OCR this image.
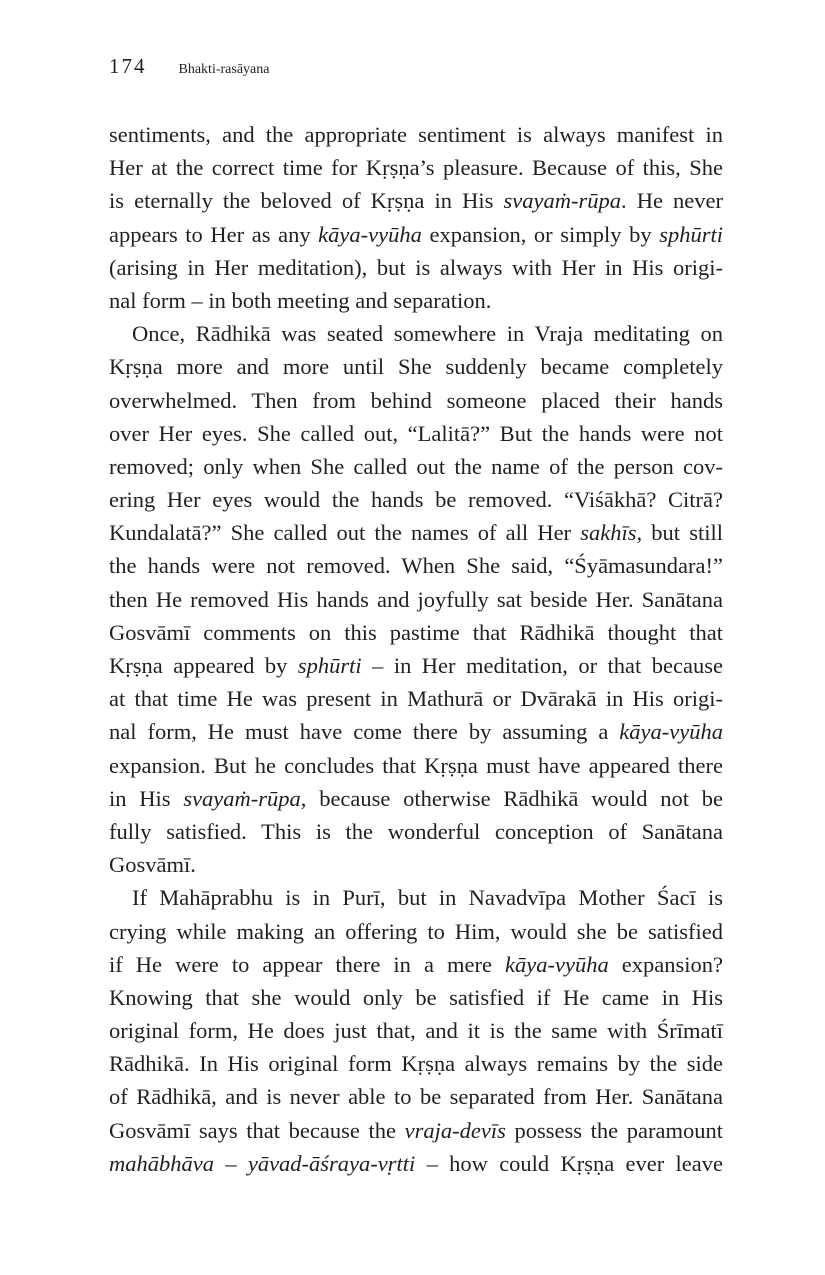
174 Bhakti-rasāyana
sentiments, and the appropriate sentiment is always manifest in
Her at the correct time for Kṛṣṇa’s pleasure. Because of this, She
is eternally the beloved of Kṛṣṇa in His svayaṁ-rūpa. He never
appears to Her as any kāya-vyūha expansion, or simply by sphūrti
(arising in Her meditation), but is always with Her in His origi-
nal form – in both meeting and separation.
Once, Rādhikā was seated somewhere in Vraja meditating on
Kṛṣṇa more and more until She suddenly became completely
overwhelmed. Then from behind someone placed their hands
over Her eyes. She called out, “Lalitā?” But the hands were not
removed; only when She called out the name of the person cov-
ering Her eyes would the hands be removed. “Viśākhā? Citrā?
Kundalatā?” She called out the names of all Her sakhīs, but still
the hands were not removed. When She said, “Śyāmasundara!”
then He removed His hands and joyfully sat beside Her. Sanātana
Gosvāmī comments on this pastime that Rādhikā thought that
Kṛṣṇa appeared by sphūrti – in Her meditation, or that because
at that time He was present in Mathurā or Dvārakā in His origi-
nal form, He must have come there by assuming a kāya-vyūha
expansion. But he concludes that Kṛṣṇa must have appeared there
in His svayaṁ-rūpa, because otherwise Rādhikā would not be
fully satisfied. This is the wonderful conception of Sanātana
Gosvāmī.
If Mahāprabhu is in Purī, but in Navadvīpa Mother Śacī is
crying while making an offering to Him, would she be satisfied
if He were to appear there in a mere kāya-vyūha expansion?
Knowing that she would only be satisfied if He came in His
original form, He does just that, and it is the same with Śrīmatī
Rādhikā. In His original form Kṛṣṇa always remains by the side
of Rādhikā, and is never able to be separated from Her. Sanātana
Gosvāmī says that because the vraja-devīs possess the paramount
mahābhāva – yāvad-āśraya-vṛtti – how could Kṛṣṇa ever leave
